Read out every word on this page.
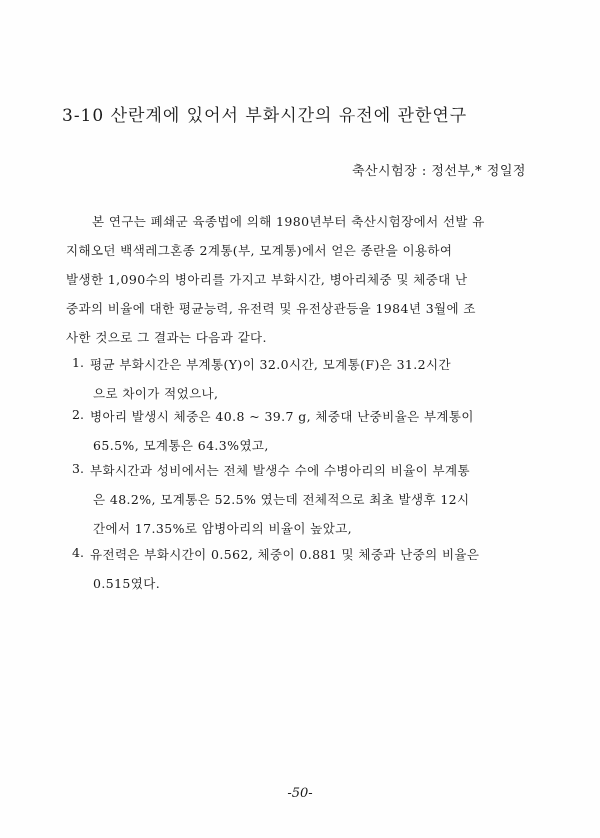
3-10 산란계에 있어서 부화시간의 유전에 관한연구
축산시험장 : 정선부,* 정일정
본 연구는 폐쇄군 육종법에 의해 1980년부터 축산시험장에서 선발 유
지해오던 백색레그혼종 2계통(부, 모계통)에서 얻은 종란을 이용하여
발생한 1,090수의 병아리를 가지고 부화시간, 병아리체중 및 체중대 난
중과의 비율에 대한 평균능력, 유전력 및 유전상관등을 1984년 3월에 조
사한 것으로 그 결과는 다음과 같다.
1. 평균 부화시간은 부계통(Y)이 32.0시간, 모계통(F)은 31.2시간
으로 차이가 적었으나,
2. 병아리 발생시 체중은 40.8 ~ 39.7 g, 체중대 난중비율은 부계통이
65.5%, 모계통은 64.3%였고,
3. 부화시간과 성비에서는 전체 발생수 수에 수병아리의 비율이 부계통
은 48.2%, 모계통은 52.5% 였는데 전체적으로 최초 발생후 12시
간에서 17.35%로 암병아리의 비율이 높았고,
4. 유전력은 부화시간이 0.562, 체중이 0.881 및 체중과 난중의 비율은
0.515였다.
-50-
